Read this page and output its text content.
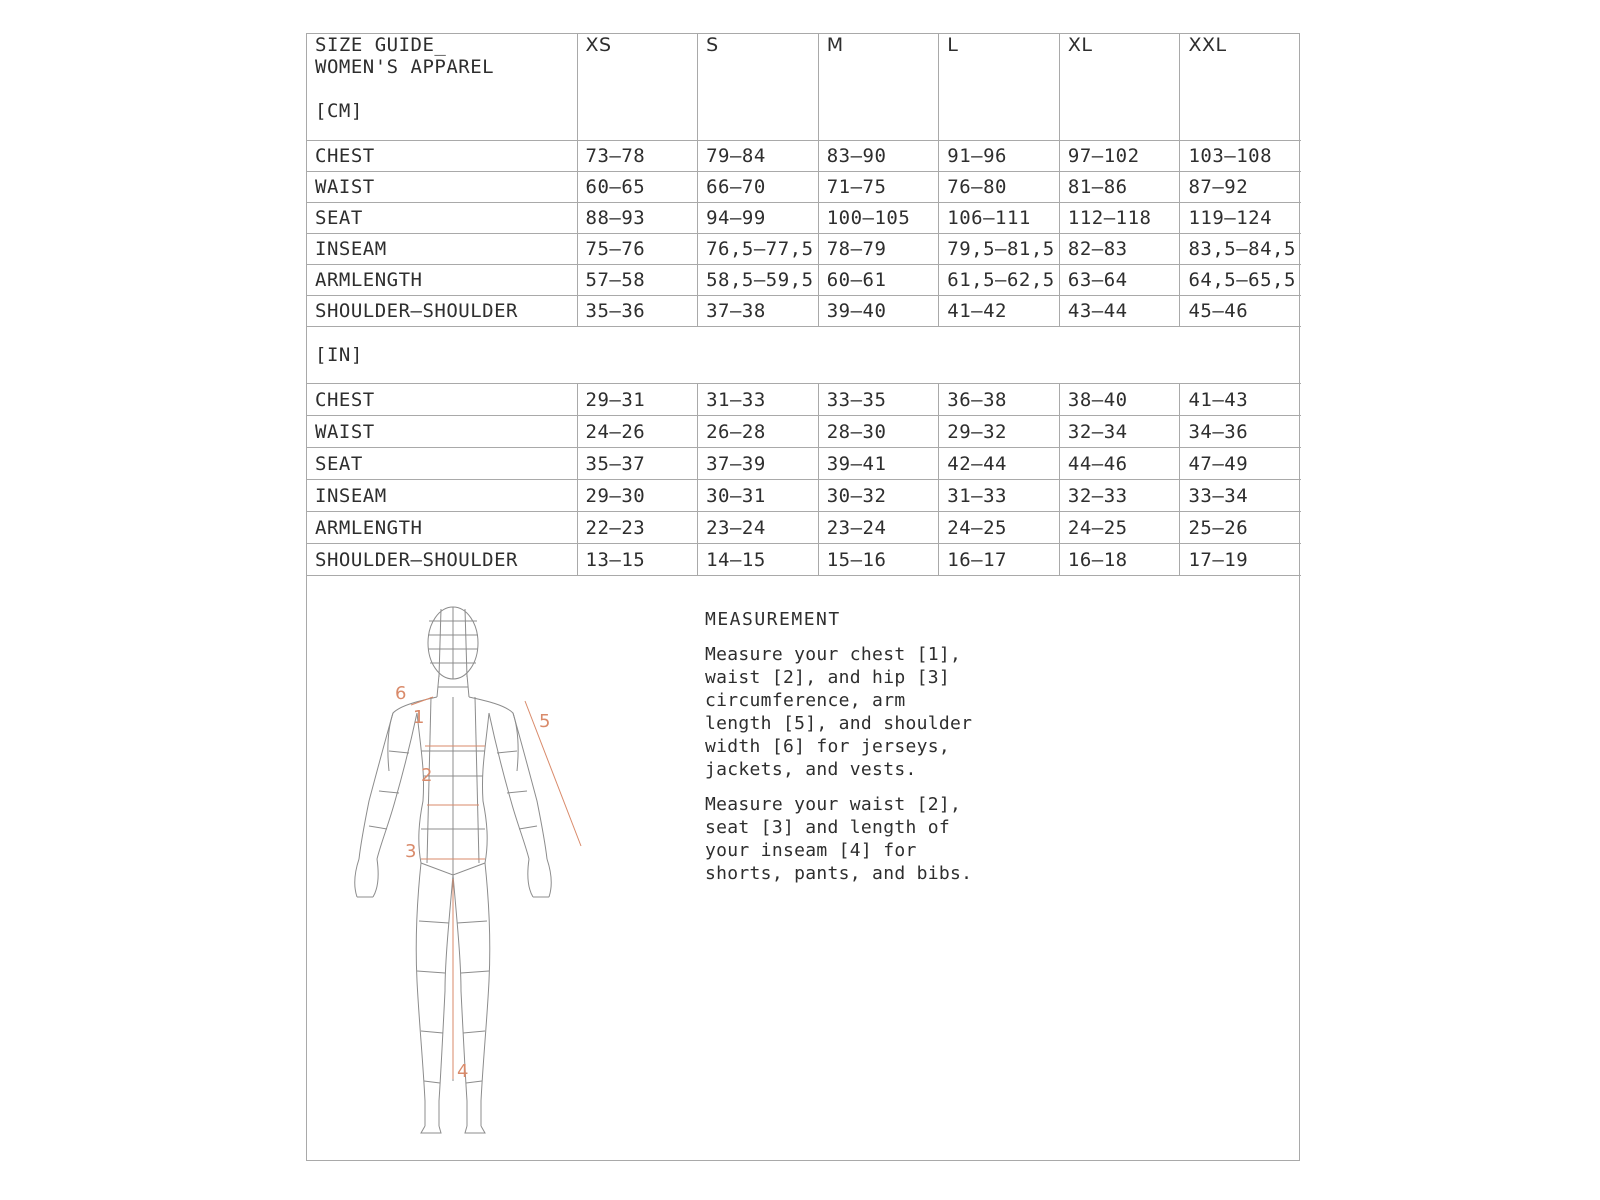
SIZE GUIDE_
WOMEN'S APPAREL
[CM]	XS	S	M	L	XL	XXL
CHEST	73–78	79–84	83–90	91–96	97–102	103–108
WAIST	60–65	66–70	71–75	76–80	81–86	87–92
SEAT	88–93	94–99	100–105	106–111	112–118	119–124
INSEAM	75–76	76,5–77,5	78–79	79,5–81,5	82–83	83,5–84,5
ARMLENGTH	57–58	58,5–59,5	60–61	61,5–62,5	63–64	64,5–65,5
SHOULDER–SHOULDER	35–36	37–38	39–40	41–42	43–44	45–46
[IN]						
CHEST	29–31	31–33	33–35	36–38	38–40	41–43
WAIST	24–26	26–28	28–30	29–32	32–34	34–36
SEAT	35–37	37–39	39–41	42–44	44–46	47–49
INSEAM	29–30	30–31	30–32	31–33	32–33	33–34
ARMLENGTH	22–23	23–24	23–24	24–25	24–25	25–26
SHOULDER–SHOULDER	13–15	14–15	15–16	16–17	16–18	17–19
1
2
3
4
5
6
MEASUREMENT

Measure your chest [1],
waist [2], and hip [3]
circumference, arm
length [5], and shoulder
width [6] for jerseys,
jackets, and vests.

Measure your waist [2],
seat [3] and length of
your inseam [4] for
shorts, pants, and bibs.
